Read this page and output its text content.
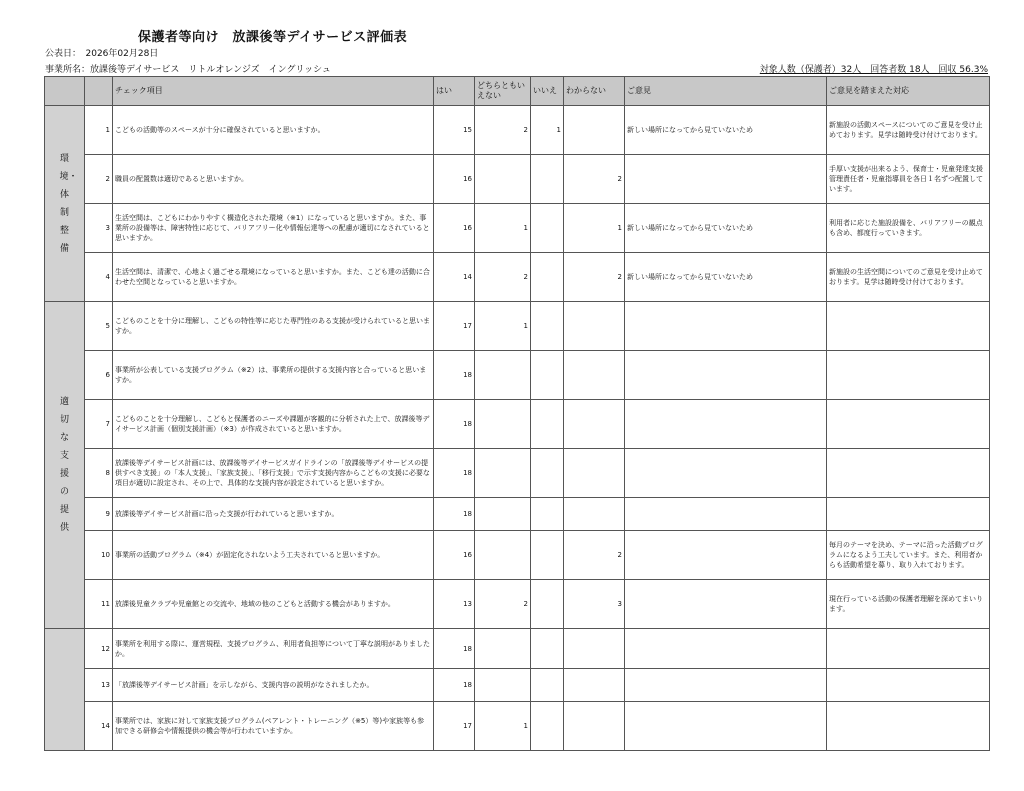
保護者等向け　放課後等デイサービス評価表
公表日：　2026年02月28日
事業所名：放課後等デイサービス　リトルオレンジズ　イングリッシュ	対象人数（保護者）32人　回答者数 18人　回収 56.3%
		チェック項目	はい	どちらともいえない	いいえ	わからない	ご意見	ご意見を踏まえた対応
環境・体制整備	1	こどもの活動等のスペースが十分に確保されていると思いますか。	15	2	1		新しい場所になってから見ていないため	新施設の活動スペースについてのご意見を受け止めております。見学は随時受け付けております。
	2	職員の配置数は適切であると思いますか。	16			2		手厚い支援が出来るよう、保育士・児童発達支援管理責任者・児童指導員を各日１名ずつ配置しています。
	3	生活空間は、こどもにわかりやすく構造化された環境（※1）になっていると思いますか。また、事業所の設備等は、障害特性に応じて、バリアフリー化や情報伝達等への配慮が適切になされていると思いますか。	16	1		1	新しい場所になってから見ていないため	利用者に応じた施設設備を、バリアフリーの観点も含め、都度行っていきます。
	4	生活空間は、清潔で、心地よく過ごせる環境になっていると思いますか。また、こども達の活動に合わせた空間となっていると思いますか。	14	2		2	新しい場所になってから見ていないため	新施設の生活空間についてのご意見を受け止めております。見学は随時受け付けております。
適切な支援の提供	5	こどものことを十分に理解し、こどもの特性等に応じた専門性のある支援が受けられていると思いますか。	17	1				
	6	事業所が公表している支援プログラム（※2）は、事業所の提供する支援内容と合っていると思いますか。	18					
	7	こどものことを十分理解し、こどもと保護者のニーズや課題が客観的に分析された上で、放課後等デイサービス計画（個別支援計画）（※3）が作成されていると思いますか。	18					
	8	放課後等デイサービス計画には、放課後等デイサービスガイドラインの「放課後等デイサービスの提供すべき支援」の「本人支援」、「家族支援」、「移行支援」で示す支援内容からこどもの支援に必要な項目が適切に設定され、その上で、具体的な支援内容が設定されていると思いますか。	18					
	9	放課後等デイサービス計画に沿った支援が行われていると思いますか。	18					
	10	事業所の活動プログラム（※4）が固定化されないよう工夫されていると思いますか。	16			2		毎月のテーマを決め、テーマに沿った活動プログラムになるよう工夫しています。また、利用者からも活動希望を募り、取り入れております。
	11	放課後児童クラブや児童館との交流や、地域の他のこどもと活動する機会がありますか。	13	2		3		現在行っている活動の保護者理解を深めてまいります。
	12	事業所を利用する際に、運営規程、支援プログラム、利用者負担等について丁寧な説明がありましたか。	18					
	13	「放課後等デイサービス計画」を示しながら、支援内容の説明がなされましたか。	18					
	14	事業所では、家族に対して家族支援プログラム(ペアレント・トレーニング（※5）等)や家族等も参加できる研修会や情報提供の機会等が行われていますか。	17	1				
